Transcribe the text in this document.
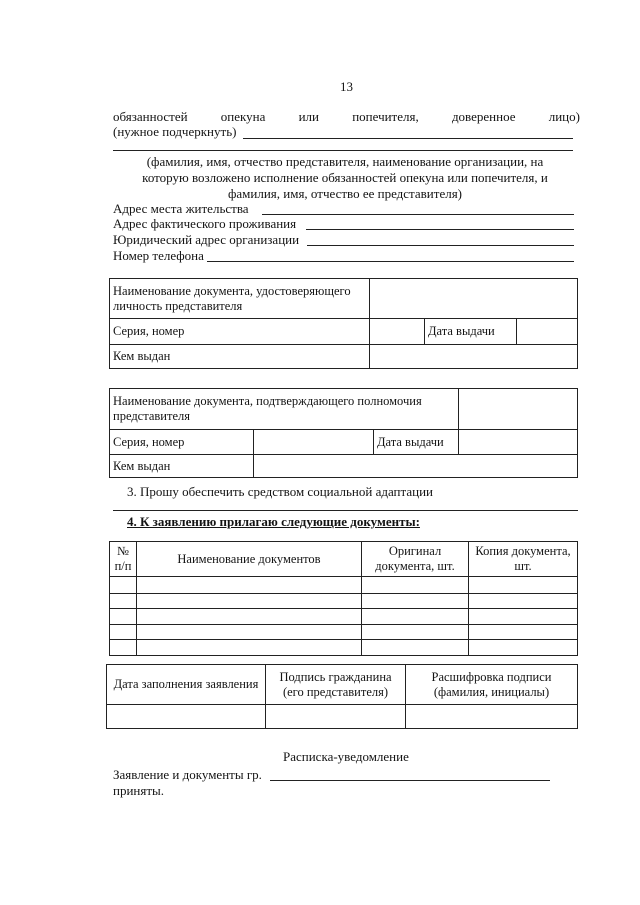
13
обязанностей	опекуна	или	попечителя,	доверенное	лицо)
(нужное подчеркнуть)
(фамилия, имя, отчество представителя, наименование организации, на которую возложено исполнение обязанностей опекуна или попечителя, и фамилия, имя, отчество ее представителя)
Адрес места жительства
Адрес фактического проживания
Юридический адрес организации
Номер телефона
Наименование документа, удостоверяющего личность представителя			
Серия, номер		Дата выдачи	
Кем выдан			
Наименование документа, подтверждающего полномочия представителя			
Серия, номер		Дата выдачи	
Кем выдан			
3. Прошу обеспечить средством социальной адаптации
4. К заявлению прилагаю следующие документы:
№ п/п	Наименование документов	Оригинал документа, шт.	Копия документа, шт.

Дата заполнения заявления	Подпись гражданина (его представителя)	Расшифровка подписи (фамилия, инициалы)

Расписка-уведомление
Заявление и документы гр.
приняты.
